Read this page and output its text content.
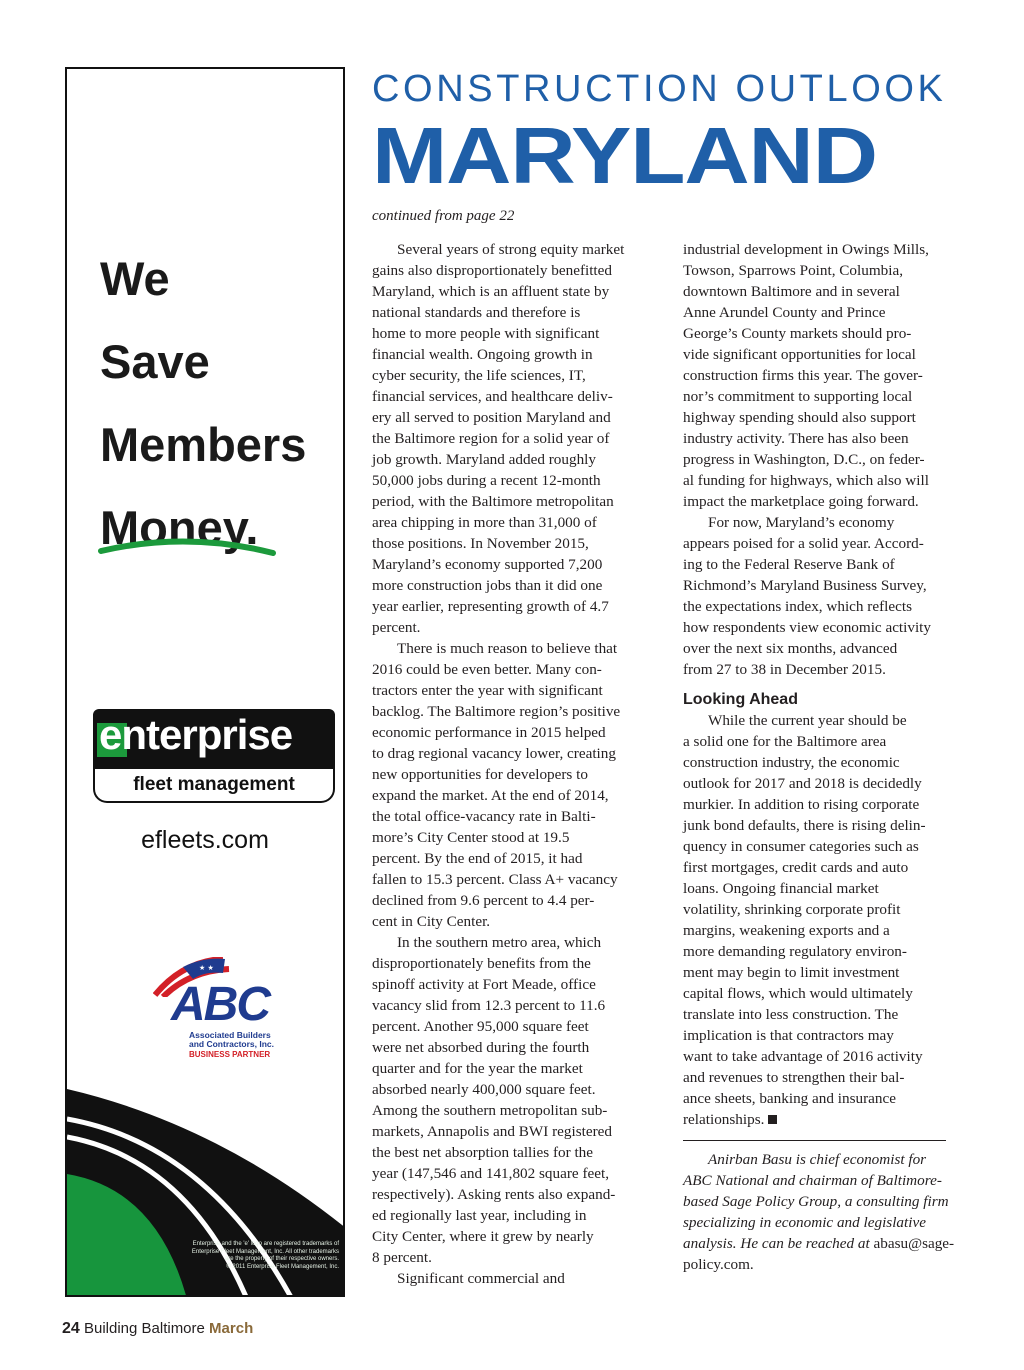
We
Save
Members
Money.
enterprise
fleet management
efleets.com
★ ★
ABC
Associated Builders
and Contractors, Inc.
BUSINESS PARTNER
Enterprise and the 'e' logo are registered trademarks of
Enterprise Fleet Management, Inc. All other trademarks
are the property of their respective owners.
© 2011 Enterprise Fleet Management, Inc.
CONSTRUCTION OUTLOOK
MARYLAND
continued from page 22

Several years of strong equity market

gains also disproportionately benefitted

Maryland, which is an affluent state by

national standards and therefore is

home to more people with significant

financial wealth. Ongoing growth in

cyber security, the life sciences, IT,

financial services, and healthcare deliv-

ery all served to position Maryland and

the Baltimore region for a solid year of

job growth. Maryland added roughly

50,000 jobs during a recent 12-month

period, with the Baltimore metropolitan

area chipping in more than 31,000 of

those positions. In November 2015,

Maryland’s economy supported 7,200

more construction jobs than it did one

year earlier, representing growth of 4.7

percent.

There is much reason to believe that

2016 could be even better. Many con-

tractors enter the year with significant

backlog. The Baltimore region’s positive

economic performance in 2015 helped

to drag regional vacancy lower, creating

new opportunities for developers to

expand the market. At the end of 2014,

the total office-vacancy rate in Balti-

more’s City Center stood at 19.5

percent. By the end of 2015, it had

fallen to 15.3 percent. Class A+ vacancy

declined from 9.6 percent to 4.4 per-

cent in City Center.

In the southern metro area, which

disproportionately benefits from the

spinoff activity at Fort Meade, office

vacancy slid from 12.3 percent to 11.6

percent. Another 95,000 square feet

were net absorbed during the fourth

quarter and for the year the market

absorbed nearly 400,000 square feet.

Among the southern metropolitan sub-

markets, Annapolis and BWI registered

the best net absorption tallies for the

year (147,546 and 141,802 square feet,

respectively). Asking rents also expand-

ed regionally last year, including in

City Center, where it grew by nearly

8 percent.

Significant commercial and

industrial development in Owings Mills,

Towson, Sparrows Point, Columbia,

downtown Baltimore and in several

Anne Arundel County and Prince

George’s County markets should pro-

vide significant opportunities for local

construction firms this year. The gover-

nor’s commitment to supporting local

highway spending should also support

industry activity. There has also been

progress in Washington, D.C., on feder-

al funding for highways, which also will

impact the marketplace going forward.

For now, Maryland’s economy

appears poised for a solid year. Accord-

ing to the Federal Reserve Bank of

Richmond’s Maryland Business Survey,

the expectations index, which reflects

how respondents view economic activity

over the next six months, advanced

from 27 to 38 in December 2015.

Looking Ahead

While the current year should be

a solid one for the Baltimore area

construction industry, the economic

outlook for 2017 and 2018 is decidedly

murkier. In addition to rising corporate

junk bond defaults, there is rising delin-

quency in consumer categories such as

first mortgages, credit cards and auto

loans. Ongoing financial market

volatility, shrinking corporate profit

margins, weakening exports and a

more demanding regulatory environ-

ment may begin to limit investment

capital flows, which would ultimately

translate into less construction. The

implication is that contractors may

want to take advantage of 2016 activity

and revenues to strengthen their bal-

ance sheets, banking and insurance

relationships.

Anirban Basu is chief economist for

ABC National and chairman of Baltimore-

based Sage Policy Group, a consulting firm

specializing in economic and legislative

analysis. He can be reached at abasu@sage-

policy.com.

24 Building Baltimore March
